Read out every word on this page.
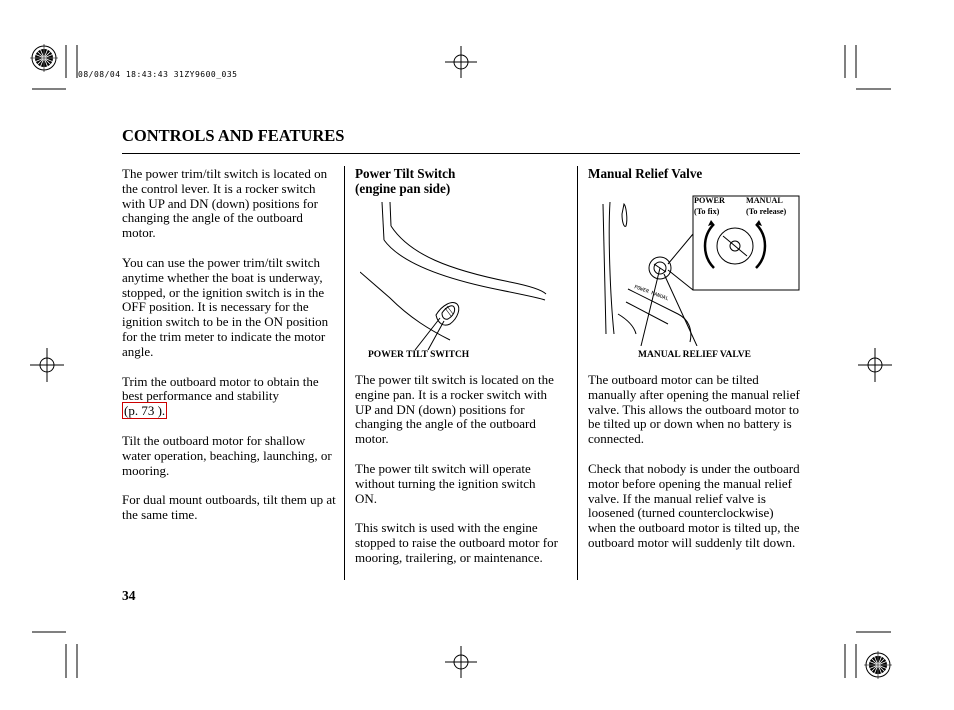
08/08/04 18:43:43 31ZY9600_035
CONTROLS AND FEATURES

The power trim/tilt switch is located on the control lever. It is a rocker switch with UP and DN (down) positions for changing the angle of the outboard motor.

You can use the power trim/tilt switch anytime whether the boat is underway, stopped, or the ignition switch is in the OFF position. It is necessary for the ignition switch to be in the ON position for the trim meter to indicate the motor angle.

Trim the outboard motor to obtain the best performance and stability
(p. 73 ).

Tilt the outboard motor for shallow water operation, beaching, launching, or mooring.

For dual mount outboards, tilt them up at the same time.

Power Tilt Switch
(engine pan side)
POWER TILT SWITCH

The power tilt switch is located on the engine pan. It is a rocker switch with UP and DN (down) positions for changing the angle of the outboard motor.

The power tilt switch will operate without turning the ignition switch ON.

This switch is used with the engine stopped to raise the outboard motor for mooring, trailering, or maintenance.

Manual Relief Valve
POWER MANUAL
POWER
(To fix)
MANUAL
(To release)
MANUAL RELIEF VALVE

The outboard motor can be tilted manually after opening the manual relief valve. This allows the outboard motor to be tilted up or down when no battery is connected.

Check that nobody is under the outboard motor before opening the manual relief valve. If the manual relief valve is loosened (turned counterclockwise) when the outboard motor is tilted up, the outboard motor will suddenly tilt down.

34
